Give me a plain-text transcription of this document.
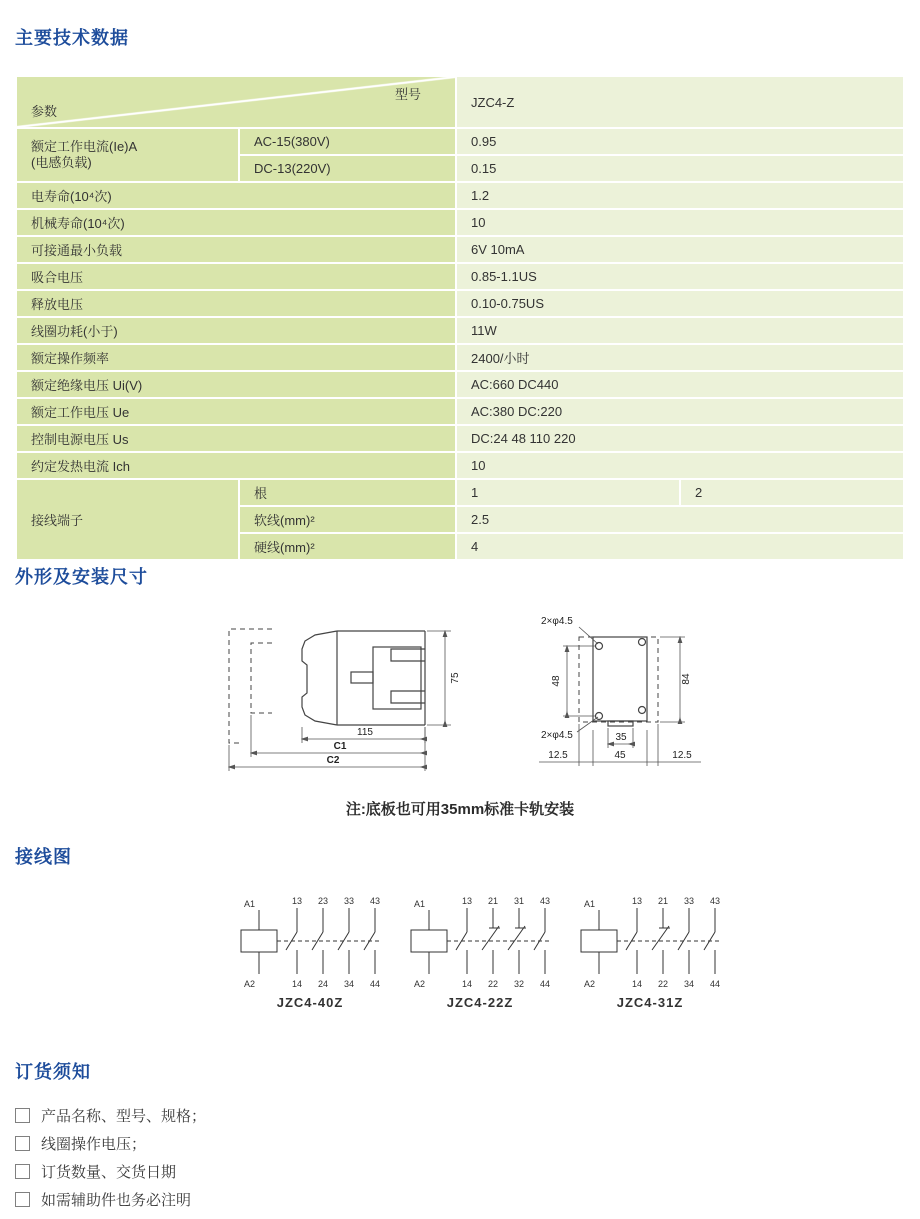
主要技术数据
型号
参数		JZC4-Z	
额定工作电流(Ie)A
(电感负载)	AC-15(380V)	0.95	
	DC-13(220V)	0.15	
电寿命(10⁴次)		1.2	
机械寿命(10⁴次)		10	
可接通最小负载		6V 10mA	
吸合电压		0.85-1.1US	
释放电压		0.10-0.75US	
线圈功耗(小于)		11W	
额定操作频率		2400/小时	
额定绝缘电压 Ui(V)		AC:660 DC440	
额定工作电压 Ue		AC:380 DC:220	
控制电源电压 Us		DC:24 48 110 220	
约定发热电流 Ich		10	
接线端子	根	1	2
	软线(mm)²	2.5	
	硬线(mm)²	4	
外形及安装尺寸
75
115
C1
C2
2×φ4.5
2×φ4.5
48	84
35
12.5	45	12.5
注:底板也可用35mm标准卡轨安装
接线图
A1
A2
13
14
23
24
33
34
43
44
A1
A2
13
14
21
22
31
32
43
44
A1
A2
13
14
21
22
33
34
43
44
JZC4-40Z	JZC4-22Z	JZC4-31Z
订货须知
产品名称、型号、规格；
线圈操作电压；
订货数量、交货日期
如需辅助件也务必注明
